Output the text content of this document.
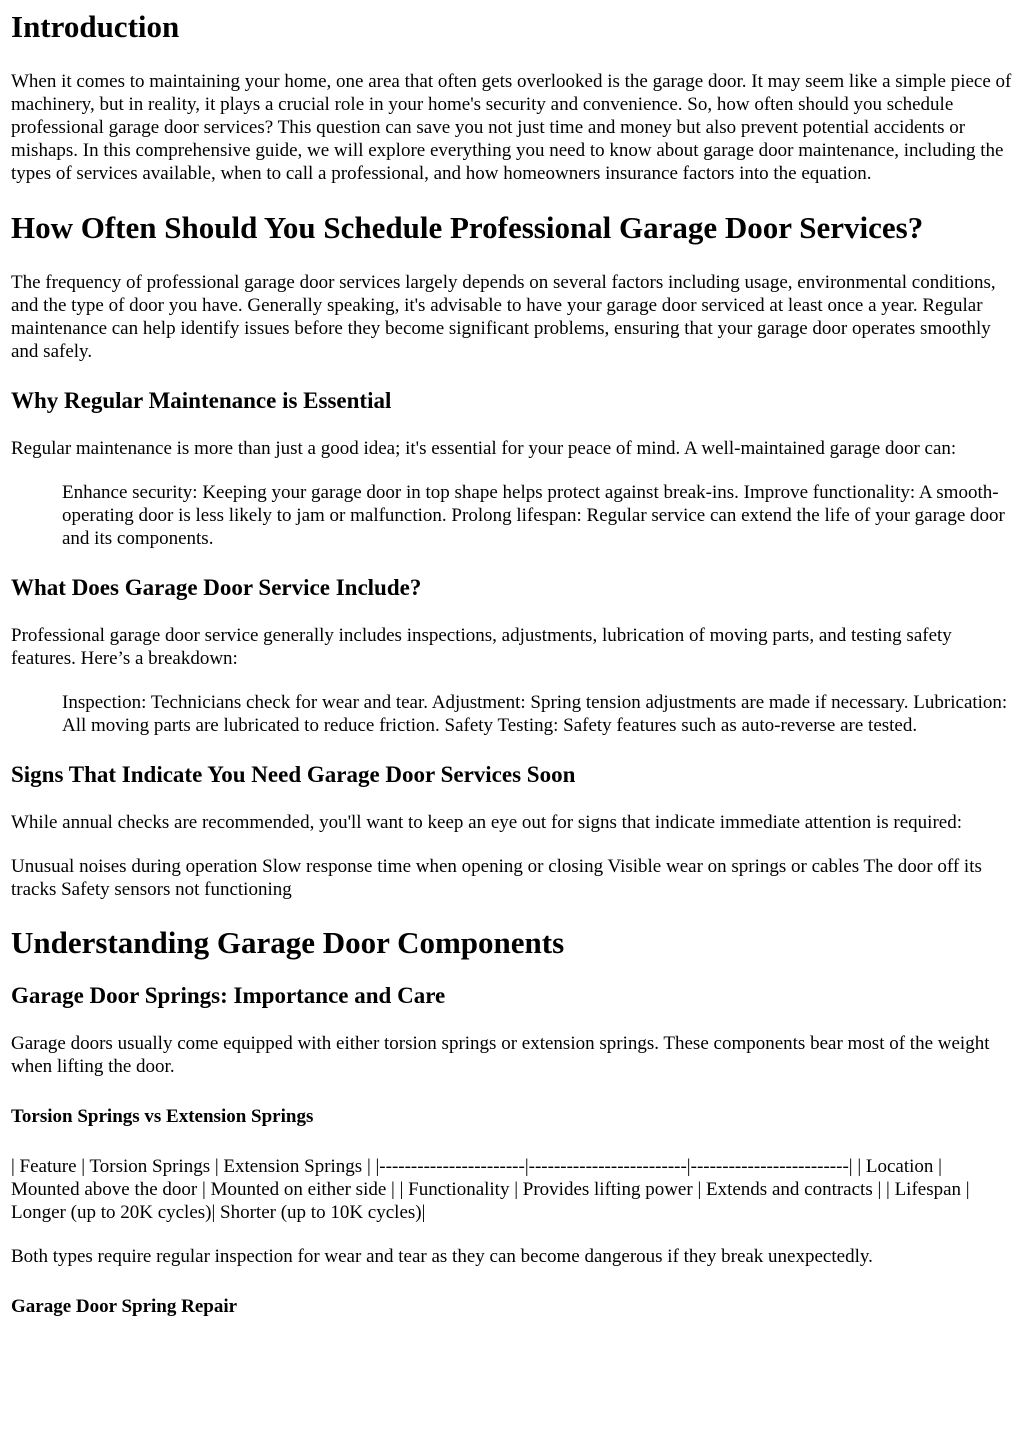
Introduction

When it comes to maintaining your home, one area that often gets overlooked is the garage door. It may seem like a simple piece of machinery, but in reality, it plays a crucial role in your home's security and convenience. So, how often should you schedule professional garage door services? This question can save you not just time and money but also prevent potential accidents or mishaps. In this comprehensive guide, we will explore everything you need to know about garage door maintenance, including the types of services available, when to call a professional, and how homeowners insurance factors into the equation.

How Often Should You Schedule Professional Garage Door Services?

The frequency of professional garage door services largely depends on several factors including usage, environmental conditions, and the type of door you have. Generally speaking, it's advisable to have your garage door serviced at least once a year. Regular maintenance can help identify issues before they become significant problems, ensuring that your garage door operates smoothly and safely.

Why Regular Maintenance is Essential

Regular maintenance is more than just a good idea; it's essential for your peace of mind. A well-maintained garage door can:

Enhance security: Keeping your garage door in top shape helps protect against break-ins. Improve functionality: A smooth-operating door is less likely to jam or malfunction. Prolong lifespan: Regular service can extend the life of your garage door and its components.
What Does Garage Door Service Include?

Professional garage door service generally includes inspections, adjustments, lubrication of moving parts, and testing safety features. Here’s a breakdown:

Inspection: Technicians check for wear and tear. Adjustment: Spring tension adjustments are made if necessary. Lubrication: All moving parts are lubricated to reduce friction. Safety Testing: Safety features such as auto-reverse are tested.
Signs That Indicate You Need Garage Door Services Soon

While annual checks are recommended, you'll want to keep an eye out for signs that indicate immediate attention is required:

Unusual noises during operation Slow response time when opening or closing Visible wear on springs or cables The door off its tracks Safety sensors not functioning

Understanding Garage Door Components
Garage Door Springs: Importance and Care

Garage doors usually come equipped with either torsion springs or extension springs. These components bear most of the weight when lifting the door.

Torsion Springs vs Extension Springs

| Feature | Torsion Springs | Extension Springs | |-----------------------|-------------------------|-------------------------| | Location | Mounted above the door | Mounted on either side | | Functionality | Provides lifting power | Extends and contracts | | Lifespan | Longer (up to 20K cycles)| Shorter (up to 10K cycles)|

Both types require regular inspection for wear and tear as they can become dangerous if they break unexpectedly.

Garage Door Spring Repair
